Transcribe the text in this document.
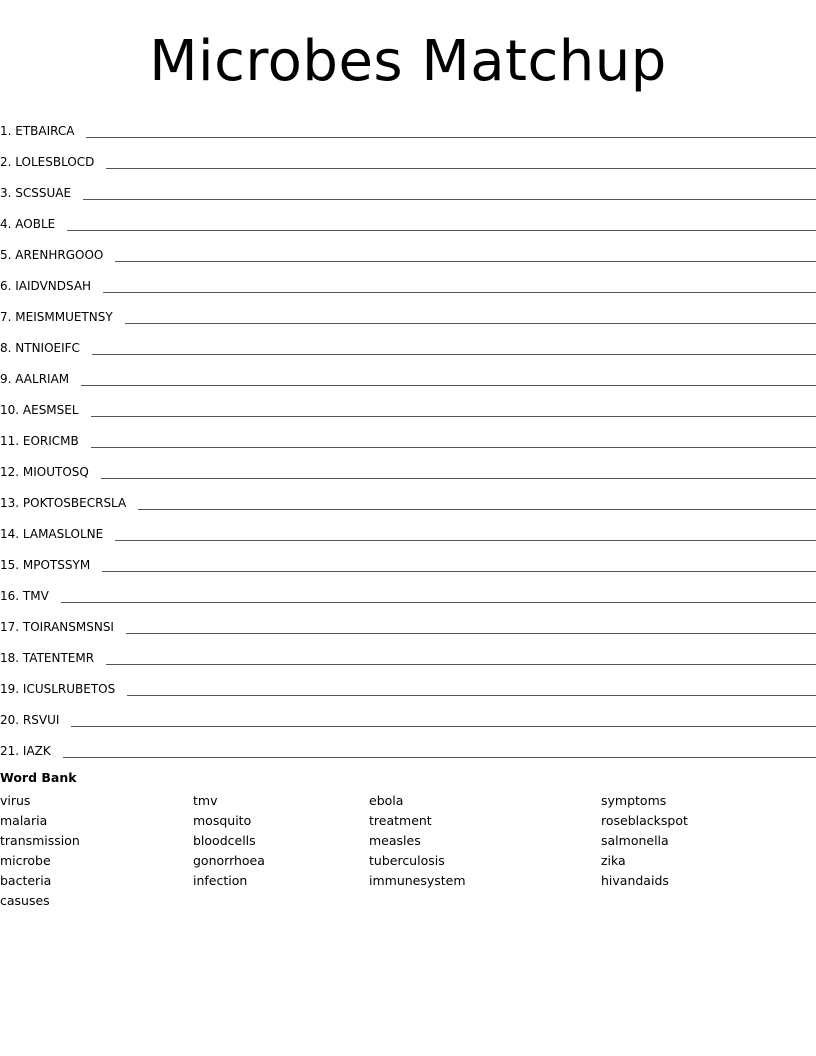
Microbes Matchup
1. ETBAIRCA
2. LOLESBLOCD
3. SCSSUAE
4. AOBLE
5. ARENHRGOOO
6. IAIDVNDSAH
7. MEISMMUETNSY
8. NTNIOEIFC
9. AALRIAM
10. AESMSEL
11. EORICMB
12. MIOUTOSQ
13. POKTOSBECRSLA
14. LAMASLOLNE
15. MPOTSSYM
16. TMV
17. TOIRANSMSNSI
18. TATENTEMR
19. ICUSLRUBETOS
20. RSVUI
21. IAZK
Word Bank
virus
malaria
transmission
microbe
bacteria
casuses
tmv
mosquito
bloodcells
gonorrhoea
infection
ebola
treatment
measles
tuberculosis
immunesystem
symptoms
roseblackspot
salmonella
zika
hivandaids
